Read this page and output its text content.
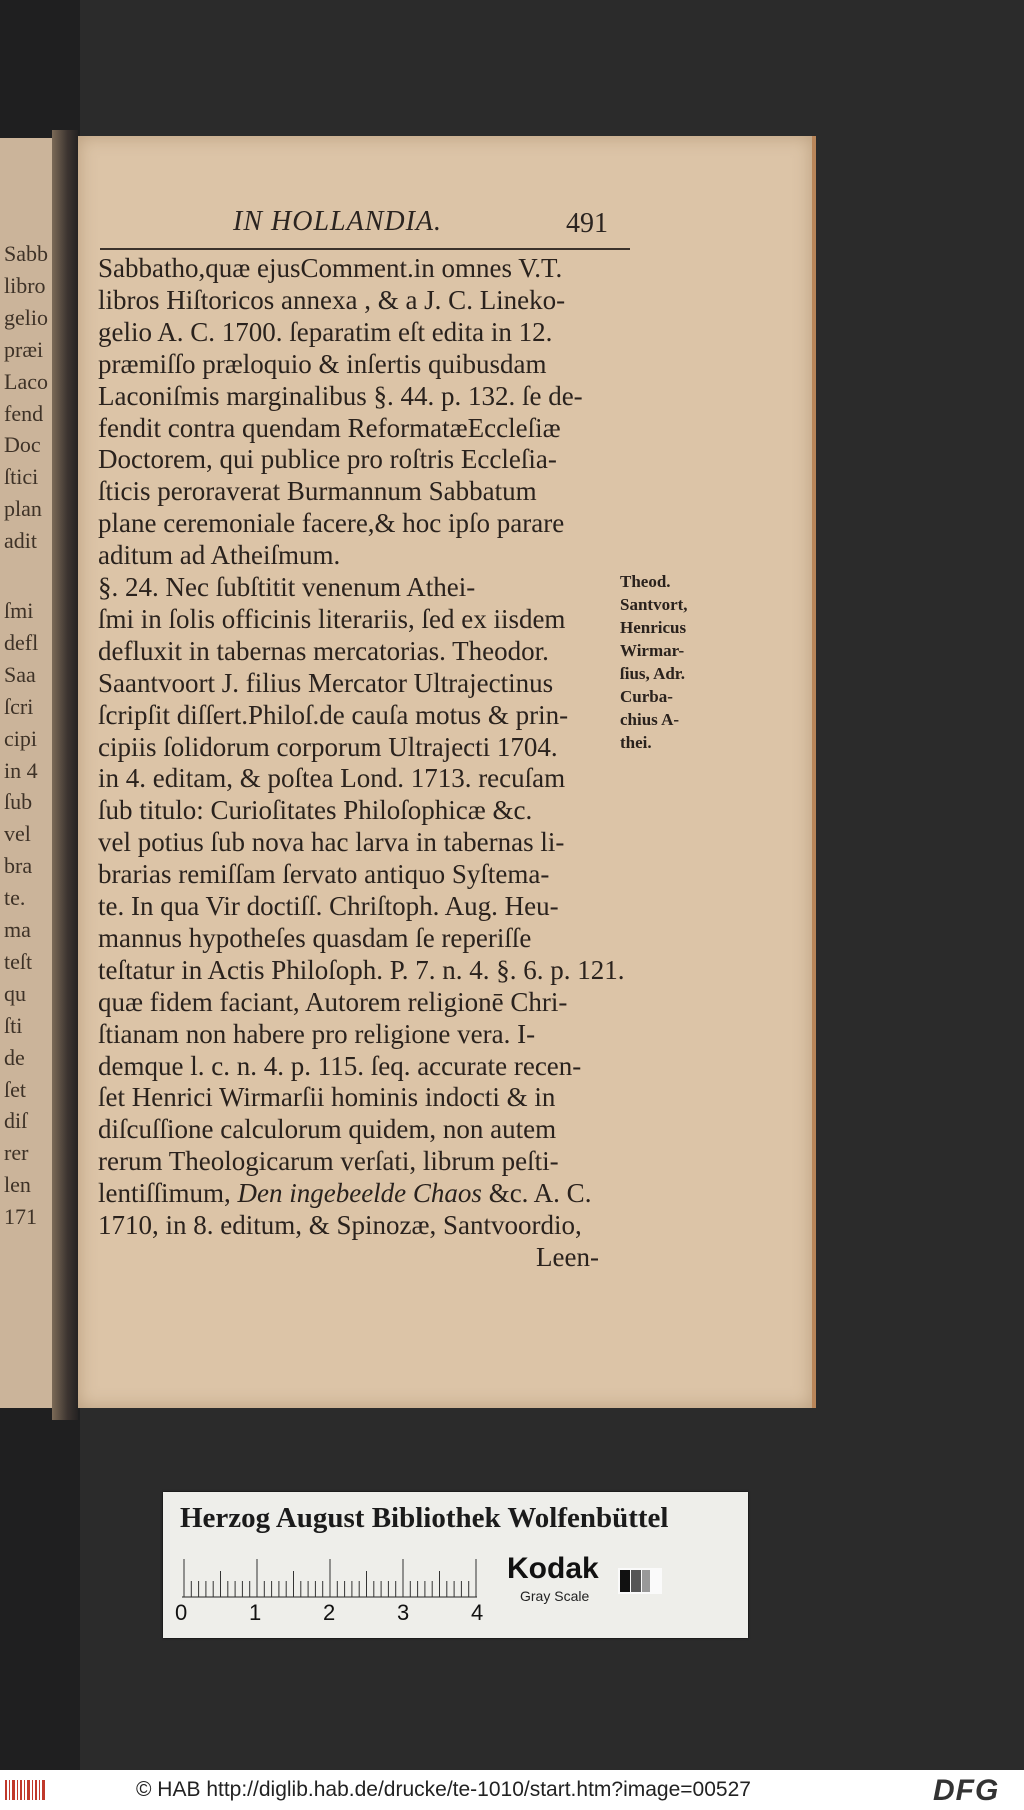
Sabb
libro
gelio
præi
Laco
fend
Doc
ſtici
plan
adit
ſmi
defl
Saa
ſcri
cipi
in 4
ſub
vel
bra
te.
ma
teſt
qu
ſti
de
ſet
diſ
rer
len
171
IN HOLLANDIA.	491
Sabbatho,quæ ejusComment.in omnes V.T.
libros Hiſtoricos annexa , & a J. C. Lineko-
gelio A. C. 1700. ſeparatim eſt edita in 12.
præmiſſo præloquio & inſertis quibusdam
Laconiſmis marginalibus §. 44. p. 132. ſe de-
fendit contra quendam ReformatæEccleſiæ
Doctorem, qui publice pro roſtris Eccleſia-
ſticis peroraverat Burmannum Sabbatum
plane ceremoniale facere,& hoc ipſo parare
aditum ad Atheiſmum.
§. 24. Nec ſubſtitit venenum Athei-
ſmi in ſolis officinis literariis, ſed ex iisdem
defluxit in tabernas mercatorias. Theodor.
Saantvoort J. filius Mercator Ultrajectinus
ſcripſit diſſert.Philoſ.de cauſa motus & prin-
cipiis ſolidorum corporum Ultrajecti 1704.
in 4. editam, & poſtea Lond. 1713. recuſam
ſub titulo: Curioſitates Philoſophicæ &c.
vel potius ſub nova hac larva in tabernas li-
brarias remiſſam ſervato antiquo Syſtema-
te. In qua Vir doctiſſ. Chriſtoph. Aug. Heu-
mannus hypotheſes quasdam ſe reperiſſe
teſtatur in Actis Philoſoph. P. 7. n. 4. §. 6. p. 121.
quæ fidem faciant, Autorem religionē Chri-
ſtianam non habere pro religione vera. I-
demque l. c. n. 4. p. 115. ſeq. accurate recen-
ſet Henrici Wirmarſii hominis indocti & in
diſcuſſione calculorum quidem, non autem
rerum Theologicarum verſati, librum peſti-
lentiſſimum, Den ingebeelde Chaos &c. A. C.
1710, in 8. editum, & Spinozæ, Santvoordio,
Leen-
Theod.
Santvort,
Henricus
Wirmar-
ſius, Adr.
Curba-
chius A-
thei.
Herzog August Bibliothek Wolfenbüttel
0	1	2	3	4
Kodak
Gray Scale
© HAB http://diglib.hab.de/drucke/te-1010/start.htm?image=00527	DFG
